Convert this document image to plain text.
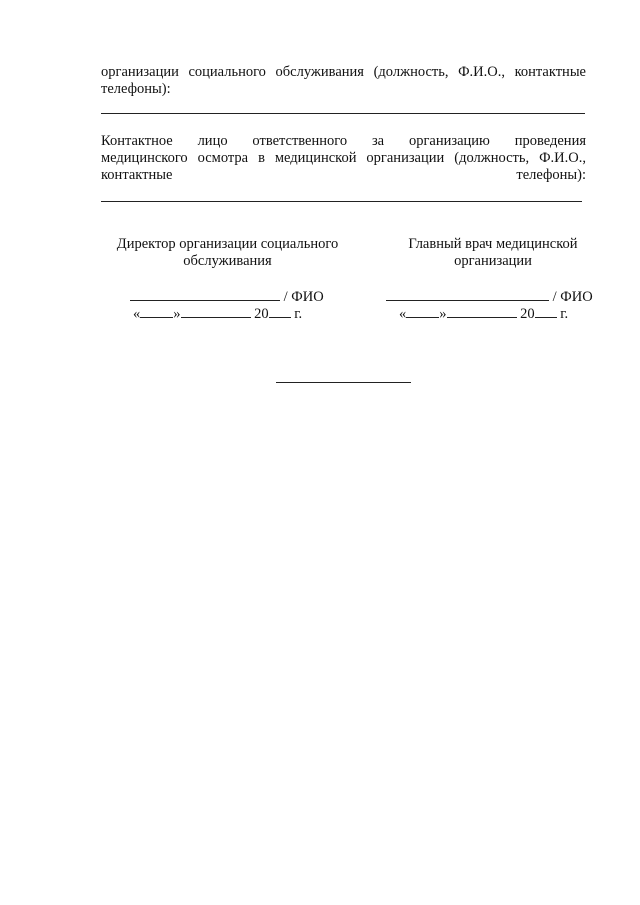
организации социального обслуживания (должность, Ф.И.О., контактные
телефоны):
Контактное лицо ответственного за организацию проведения
медицинского осмотра в медицинской организации (должность, Ф.И.О.,
контактные	телефоны):
Директор организации социального
обслуживания
/ ФИО
« »	20 г.
Главный врач медицинской
организации
/ ФИО
« »	20 г.
